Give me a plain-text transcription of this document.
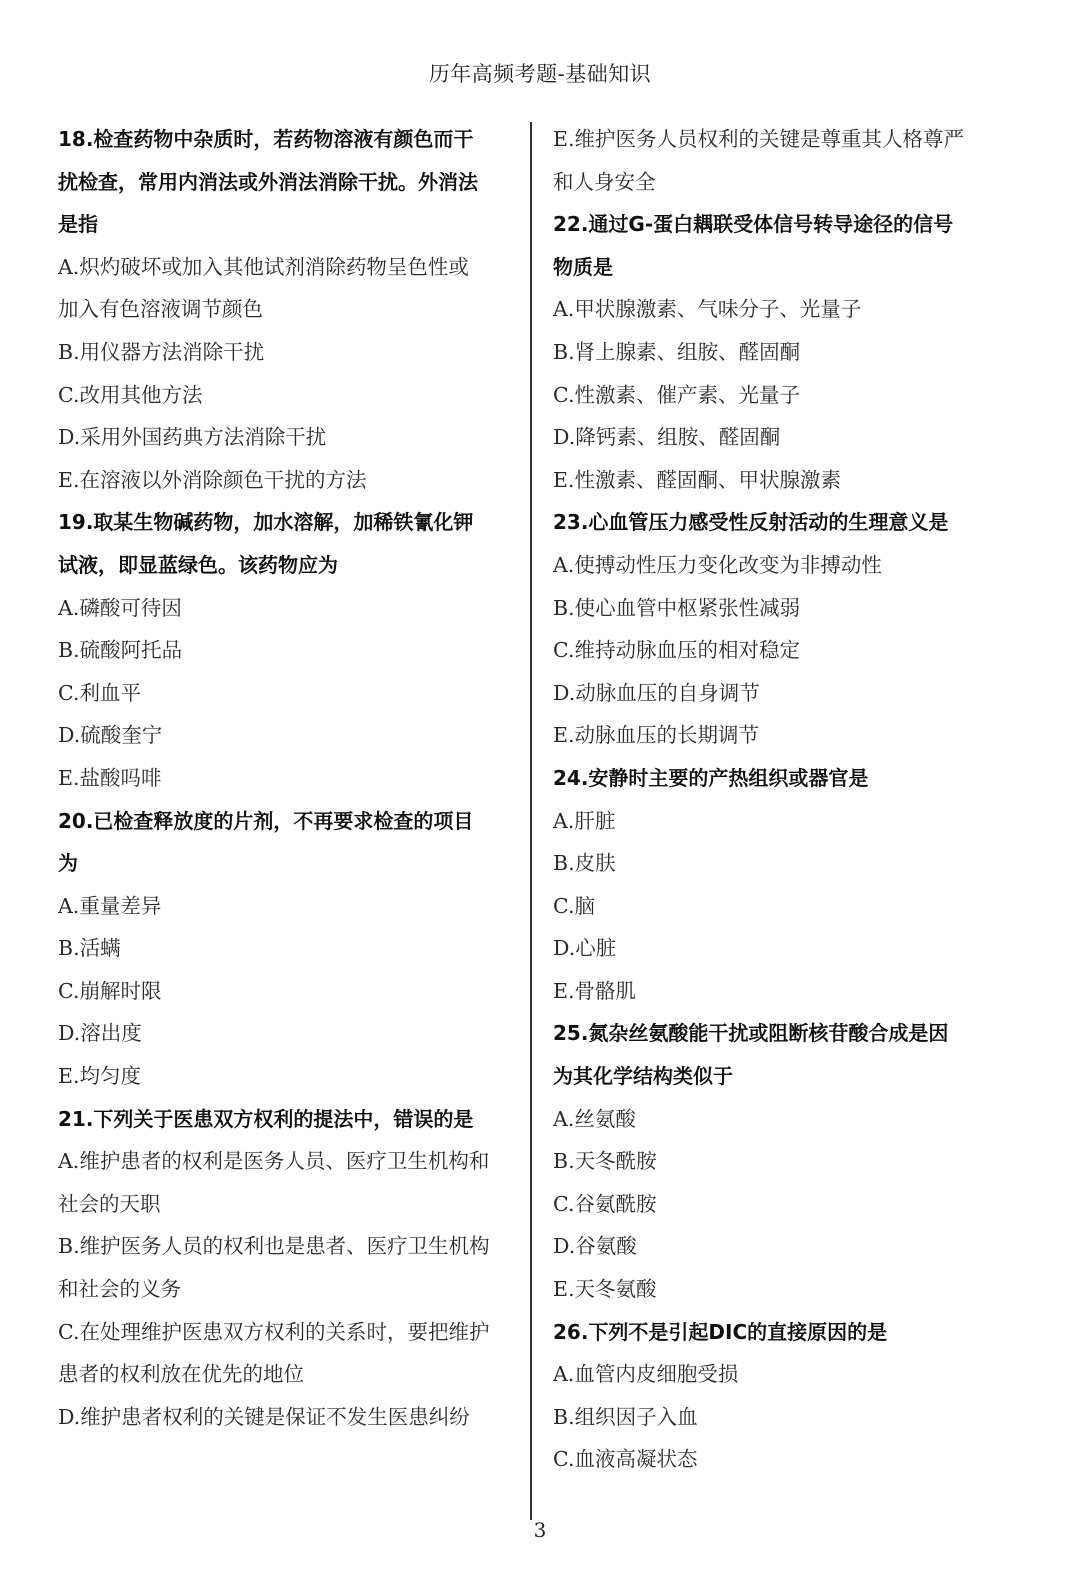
历年高频考题-基础知识
18.检查药物中杂质时，若药物溶液有颜色而干
扰检查，常用内消法或外消法消除干扰。外消法
是指
A.炽灼破坏或加入其他试剂消除药物呈色性或
加入有色溶液调节颜色
B.用仪器方法消除干扰
C.改用其他方法
D.采用外国药典方法消除干扰
E.在溶液以外消除颜色干扰的方法
19.取某生物碱药物，加水溶解，加稀铁氰化钾
试液，即显蓝绿色。该药物应为
A.磷酸可待因
B.硫酸阿托品
C.利血平
D.硫酸奎宁
E.盐酸吗啡
20.已检查释放度的片剂，不再要求检查的项目
为
A.重量差异
B.活螨
C.崩解时限
D.溶出度
E.均匀度
21.下列关于医患双方权利的提法中，错误的是
A.维护患者的权利是医务人员、医疗卫生机构和
社会的天职
B.维护医务人员的权利也是患者、医疗卫生机构
和社会的义务
C.在处理维护医患双方权利的关系时，要把维护
患者的权利放在优先的地位
D.维护患者权利的关键是保证不发生医患纠纷
E.维护医务人员权利的关键是尊重其人格尊严
和人身安全
22.通过G-蛋白耦联受体信号转导途径的信号
物质是
A.甲状腺激素、气味分子、光量子
B.肾上腺素、组胺、醛固酮
C.性激素、催产素、光量子
D.降钙素、组胺、醛固酮
E.性激素、醛固酮、甲状腺激素
23.心血管压力感受性反射活动的生理意义是
A.使搏动性压力变化改变为非搏动性
B.使心血管中枢紧张性减弱
C.维持动脉血压的相对稳定
D.动脉血压的自身调节
E.动脉血压的长期调节
24.安静时主要的产热组织或器官是
A.肝脏
B.皮肤
C.脑
D.心脏
E.骨骼肌
25.氮杂丝氨酸能干扰或阻断核苷酸合成是因
为其化学结构类似于
A.丝氨酸
B.天冬酰胺
C.谷氨酰胺
D.谷氨酸
E.天冬氨酸
26.下列不是引起DIC的直接原因的是
A.血管内皮细胞受损
B.组织因子入血
C.血液高凝状态
3
